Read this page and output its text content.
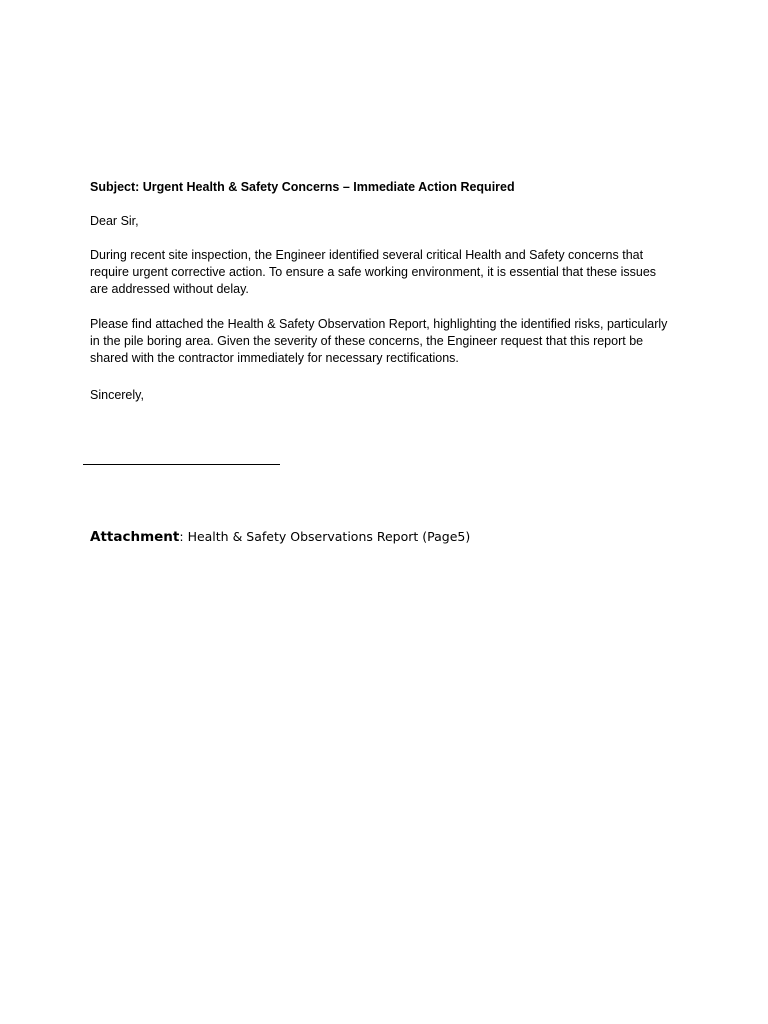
Subject: Urgent Health & Safety Concerns – Immediate Action Required
Dear Sir,
During recent site inspection, the Engineer identified several critical Health and Safety concerns that
require urgent corrective action. To ensure a safe working environment, it is essential that these issues
are addressed without delay.
Please find attached the Health & Safety Observation Report, highlighting the identified risks, particularly
in the pile boring area. Given the severity of these concerns, the Engineer request that this report be
shared with the contractor immediately for necessary rectifications.
Sincerely,
Attachment: Health & Safety Observations Report (Page5)
